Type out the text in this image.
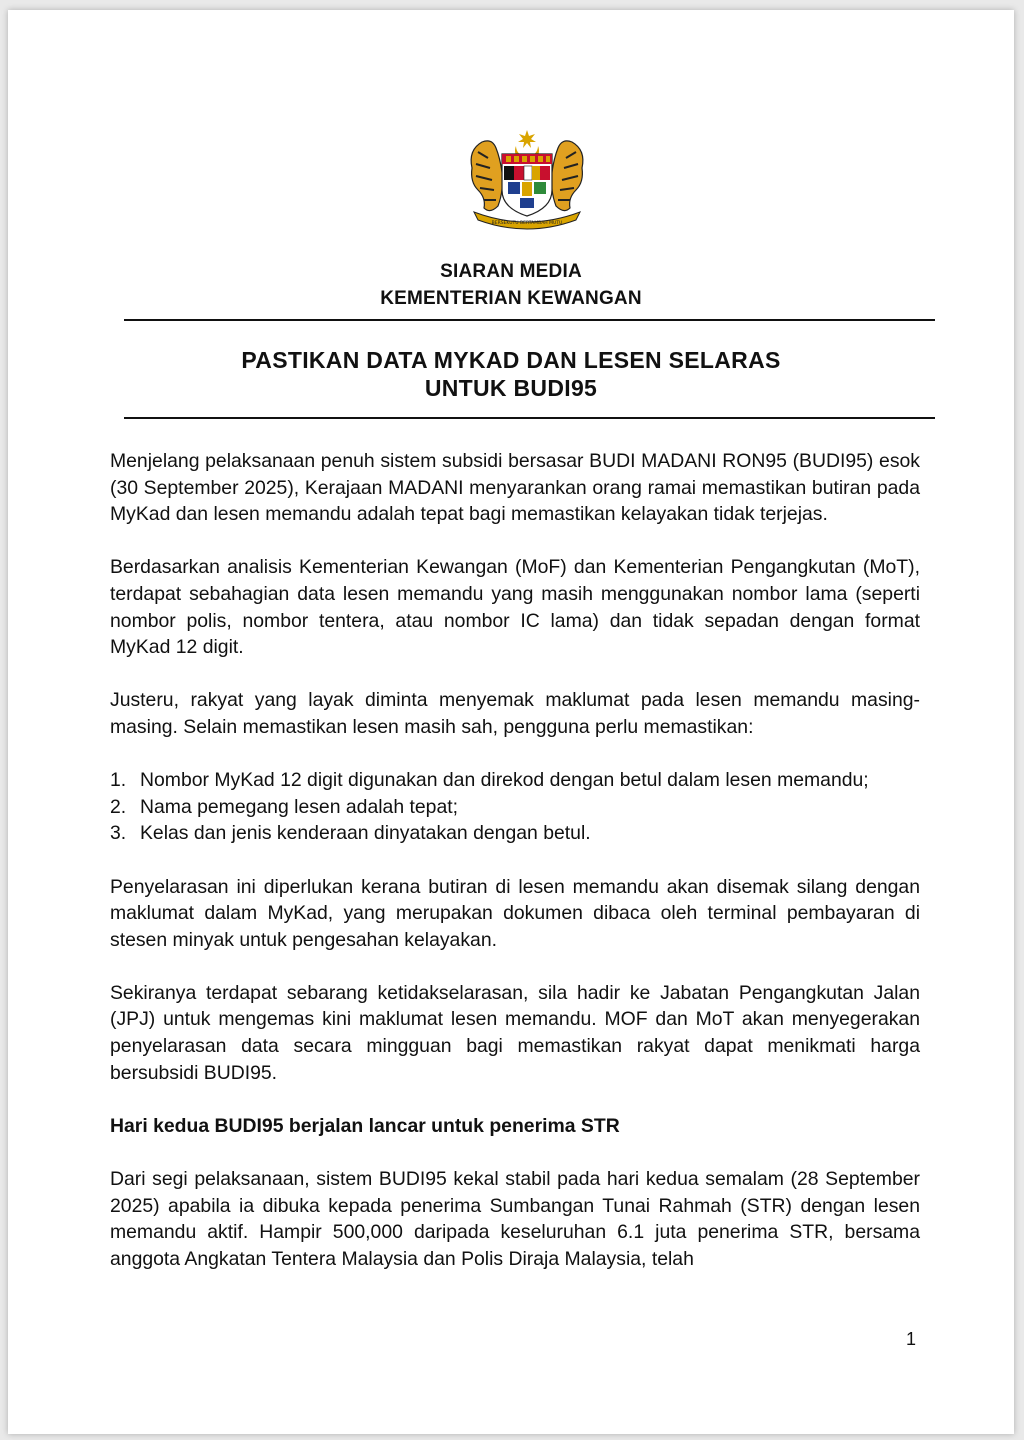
BERSEKUTU BERTAMBAH MUTU
SIARAN MEDIA
KEMENTERIAN KEWANGAN
PASTIKAN DATA MYKAD DAN LESEN SELARAS
UNTUK BUDI95

Menjelang pelaksanaan penuh sistem subsidi bersasar BUDI MADANI RON95 (BUDI95) esok (30 September 2025), Kerajaan MADANI menyarankan orang ramai memastikan butiran pada MyKad dan lesen memandu adalah tepat bagi memastikan kelayakan tidak terjejas.

Berdasarkan analisis Kementerian Kewangan (MoF) dan Kementerian Pengangkutan (MoT), terdapat sebahagian data lesen memandu yang masih menggunakan nombor lama (seperti nombor polis, nombor tentera, atau nombor IC lama) dan tidak sepadan dengan format MyKad 12 digit.

Justeru, rakyat yang layak diminta menyemak maklumat pada lesen memandu masing-masing. Selain memastikan lesen masih sah, pengguna perlu memastikan:

1. Nombor MyKad 12 digit digunakan dan direkod dengan betul dalam lesen memandu;
2. Nama pemegang lesen adalah tepat;
3. Kelas dan jenis kenderaan dinyatakan dengan betul.

Penyelarasan ini diperlukan kerana butiran di lesen memandu akan disemak silang dengan maklumat dalam MyKad, yang merupakan dokumen dibaca oleh terminal pembayaran di stesen minyak untuk pengesahan kelayakan.

Sekiranya terdapat sebarang ketidakselarasan, sila hadir ke Jabatan Pengangkutan Jalan (JPJ) untuk mengemas kini maklumat lesen memandu. MOF dan MoT akan menyegerakan penyelarasan data secara mingguan bagi memastikan rakyat dapat menikmati harga bersubsidi BUDI95.

Hari kedua BUDI95 berjalan lancar untuk penerima STR

Dari segi pelaksanaan, sistem BUDI95 kekal stabil pada hari kedua semalam (28 September 2025) apabila ia dibuka kepada penerima Sumbangan Tunai Rahmah (STR) dengan lesen memandu aktif. Hampir 500,000 daripada keseluruhan 6.1 juta penerima STR, bersama anggota Angkatan Tentera Malaysia dan Polis Diraja Malaysia, telah

1
